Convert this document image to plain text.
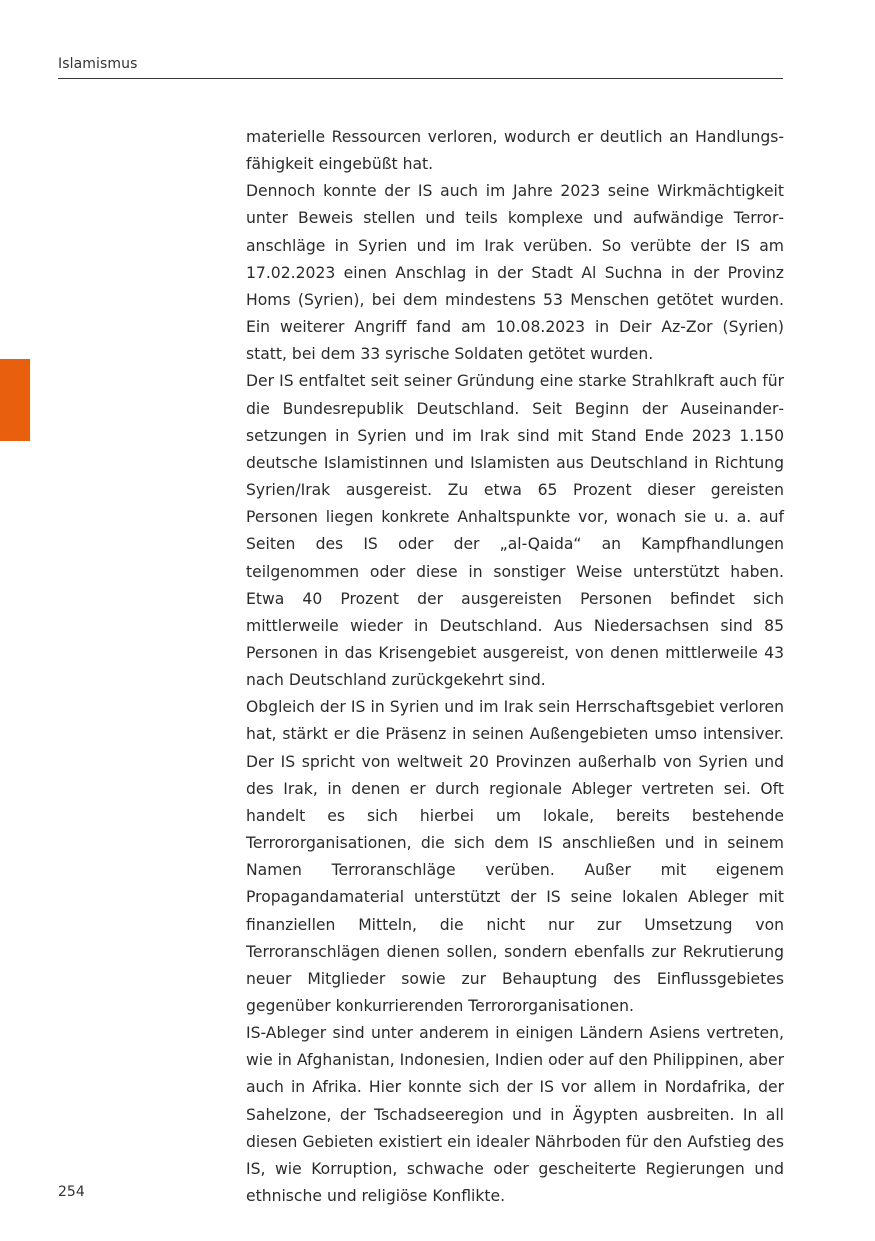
Islamismus

materielle Ressourcen verloren, wodurch er deutlich an Handlungsfähigkeit eingebüßt hat.

Dennoch konnte der IS auch im Jahre 2023 seine Wirkmächtigkeit unter Beweis stellen und teils komplexe und aufwändige Terroranschläge in Syrien und im Irak verüben. So verübte der IS am 17.02.2023 einen Anschlag in der Stadt Al Suchna in der Provinz Homs (Syrien), bei dem mindestens 53 Menschen getötet wurden. Ein weiterer Angriff fand am 10.08.2023 in Deir Az-Zor (Syrien) statt, bei dem 33 syrische Soldaten getötet wurden.

Der IS entfaltet seit seiner Gründung eine starke Strahlkraft auch für die Bundesrepublik Deutschland. Seit Beginn der Auseinandersetzungen in Syrien und im Irak sind mit Stand Ende 2023 1.150 deutsche Islamistinnen und Islamisten aus Deutschland in Richtung Syrien/Irak ausgereist. Zu etwa 65 Prozent dieser gereisten Personen liegen konkrete Anhaltspunkte vor, wonach sie u. a. auf Seiten des IS oder der „al-Qaida“ an Kampfhandlungen teilgenommen oder diese in sonstiger Weise unterstützt haben. Etwa 40 Prozent der ausgereisten Personen befindet sich mittlerweile wieder in Deutschland. Aus Niedersachsen sind 85 Personen in das Krisengebiet ausgereist, von denen mittlerweile 43 nach Deutschland zurückgekehrt sind.

Obgleich der IS in Syrien und im Irak sein Herrschaftsgebiet verloren hat, stärkt er die Präsenz in seinen Außengebieten umso intensiver. Der IS spricht von weltweit 20 Provinzen außerhalb von Syrien und des Irak, in denen er durch regionale Ableger vertreten sei. Oft handelt es sich hierbei um lokale, bereits bestehende Terrororganisationen, die sich dem IS anschließen und in seinem Namen Terroranschläge verüben. Außer mit eigenem Propagandamaterial unterstützt der IS seine lokalen Ableger mit finanziellen Mitteln, die nicht nur zur Umsetzung von Terroranschlägen dienen sollen, sondern ebenfalls zur Rekrutierung neuer Mitglieder sowie zur Behauptung des Einflussgebietes gegenüber konkurrierenden Terrororganisationen.

IS-Ableger sind unter anderem in einigen Ländern Asiens vertreten, wie in Afghanistan, Indonesien, Indien oder auf den Philippinen, aber auch in Afrika. Hier konnte sich der IS vor allem in Nordafrika, der Sahelzone, der Tschadseeregion und in Ägypten ausbreiten. In all diesen Gebieten existiert ein idealer Nährboden für den Aufstieg des IS, wie Korruption, schwache oder gescheiterte Regierungen und ethnische und religiöse Konflikte.

254
